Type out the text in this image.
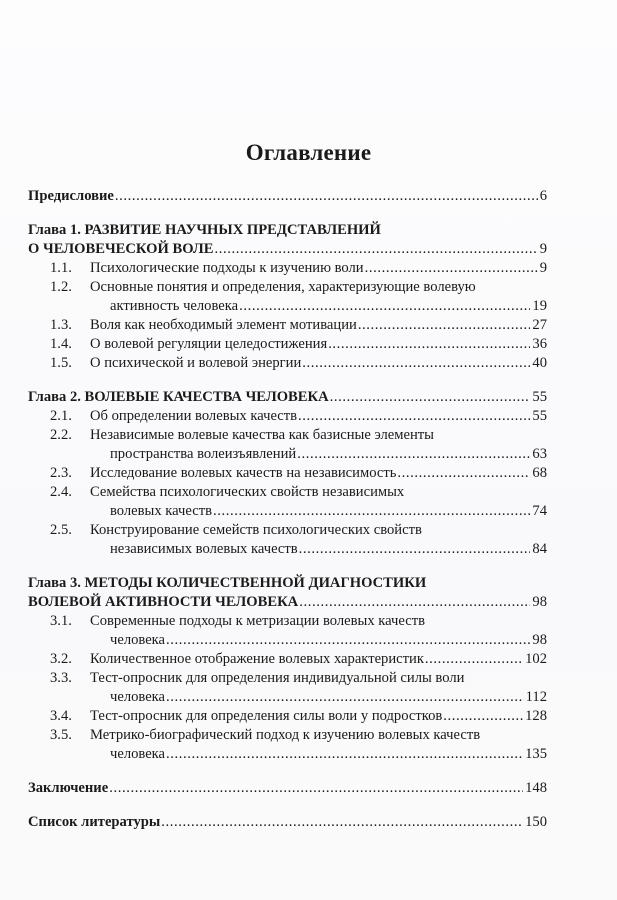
Оглавление
Предисловие .....	6
Глава 1. РАЗВИТИЕ НАУЧНЫХ ПРЕДСТАВЛЕНИЙ
О ЧЕЛОВЕЧЕСКОЙ ВОЛЕ .....	9
1.1.	Психологические подходы к изучению воли .....	9
1.2.	Основные понятия и определения, характеризующие волевую
активность человека .....	19
1.3.	Воля как необходимый элемент мотивации .....	27
1.4.	О волевой регуляции целедостижения .....	36
1.5.	О психической и волевой энергии .....	40
Глава 2. ВОЛЕВЫЕ КАЧЕСТВА ЧЕЛОВЕКА .....	55
2.1.	Об определении волевых качеств .....	55
2.2.	Независимые волевые качества как базисные элементы
пространства волеизъявлений .....	63
2.3.	Исследование волевых качеств на независимость .....	68
2.4.	Семейства психологических свойств независимых
волевых качеств .....	74
2.5.	Конструирование семейств психологических свойств
независимых волевых качеств .....	84
Глава 3. МЕТОДЫ КОЛИЧЕСТВЕННОЙ ДИАГНОСТИКИ
ВОЛЕВОЙ АКТИВНОСТИ ЧЕЛОВЕКА .....	98
3.1.	Современные подходы к метризации волевых качеств
человека .....	98
3.2.	Количественное отображение волевых характеристик .....	102
3.3.	Тест-опросник для определения индивидуальной силы воли
человека .....	112
3.4.	Тест-опросник для определения силы воли у подростков .....	128
3.5.	Метрико-биографический подход к изучению волевых качеств
человека .....	135
Заключение .....	148
Список литературы .....	150
